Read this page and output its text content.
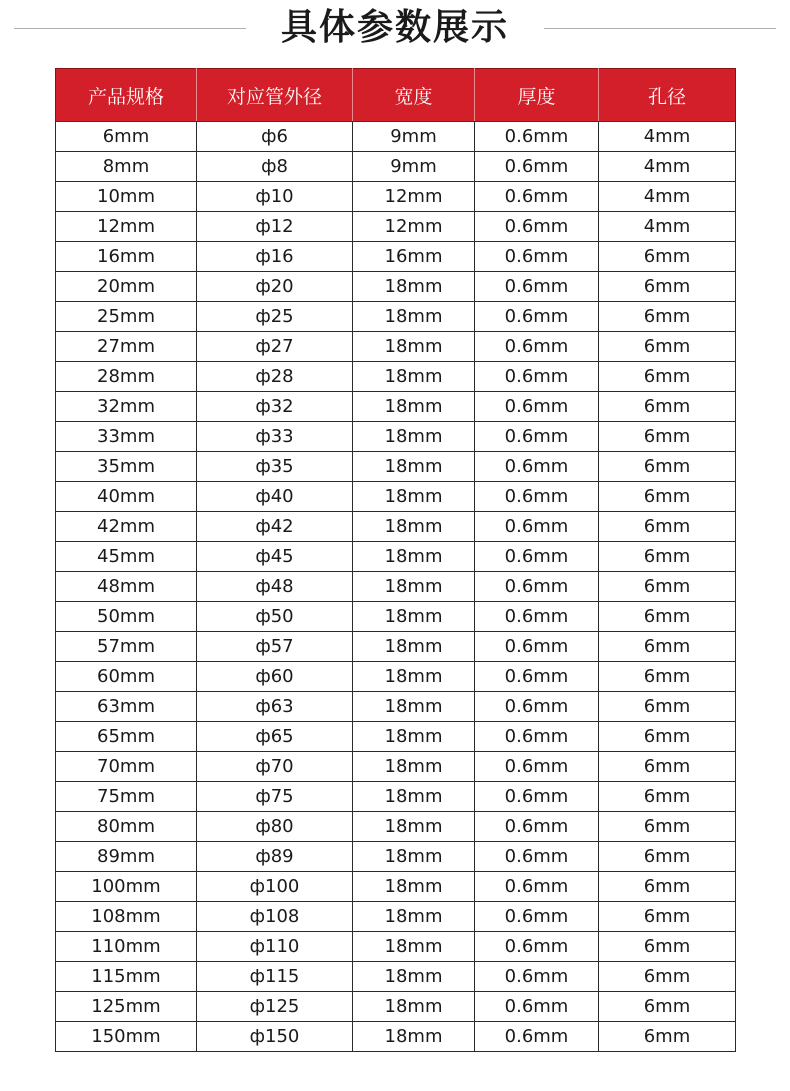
具体参数展示
产品规格	对应管外径	宽度	厚度	孔径
6mm	ф6	9mm	0.6mm	4mm
8mm	ф8	9mm	0.6mm	4mm
10mm	ф10	12mm	0.6mm	4mm
12mm	ф12	12mm	0.6mm	4mm
16mm	ф16	16mm	0.6mm	6mm
20mm	ф20	18mm	0.6mm	6mm
25mm	ф25	18mm	0.6mm	6mm
27mm	ф27	18mm	0.6mm	6mm
28mm	ф28	18mm	0.6mm	6mm
32mm	ф32	18mm	0.6mm	6mm
33mm	ф33	18mm	0.6mm	6mm
35mm	ф35	18mm	0.6mm	6mm
40mm	ф40	18mm	0.6mm	6mm
42mm	ф42	18mm	0.6mm	6mm
45mm	ф45	18mm	0.6mm	6mm
48mm	ф48	18mm	0.6mm	6mm
50mm	ф50	18mm	0.6mm	6mm
57mm	ф57	18mm	0.6mm	6mm
60mm	ф60	18mm	0.6mm	6mm
63mm	ф63	18mm	0.6mm	6mm
65mm	ф65	18mm	0.6mm	6mm
70mm	ф70	18mm	0.6mm	6mm
75mm	ф75	18mm	0.6mm	6mm
80mm	ф80	18mm	0.6mm	6mm
89mm	ф89	18mm	0.6mm	6mm
100mm	ф100	18mm	0.6mm	6mm
108mm	ф108	18mm	0.6mm	6mm
110mm	ф110	18mm	0.6mm	6mm
115mm	ф115	18mm	0.6mm	6mm
125mm	ф125	18mm	0.6mm	6mm
150mm	ф150	18mm	0.6mm	6mm
